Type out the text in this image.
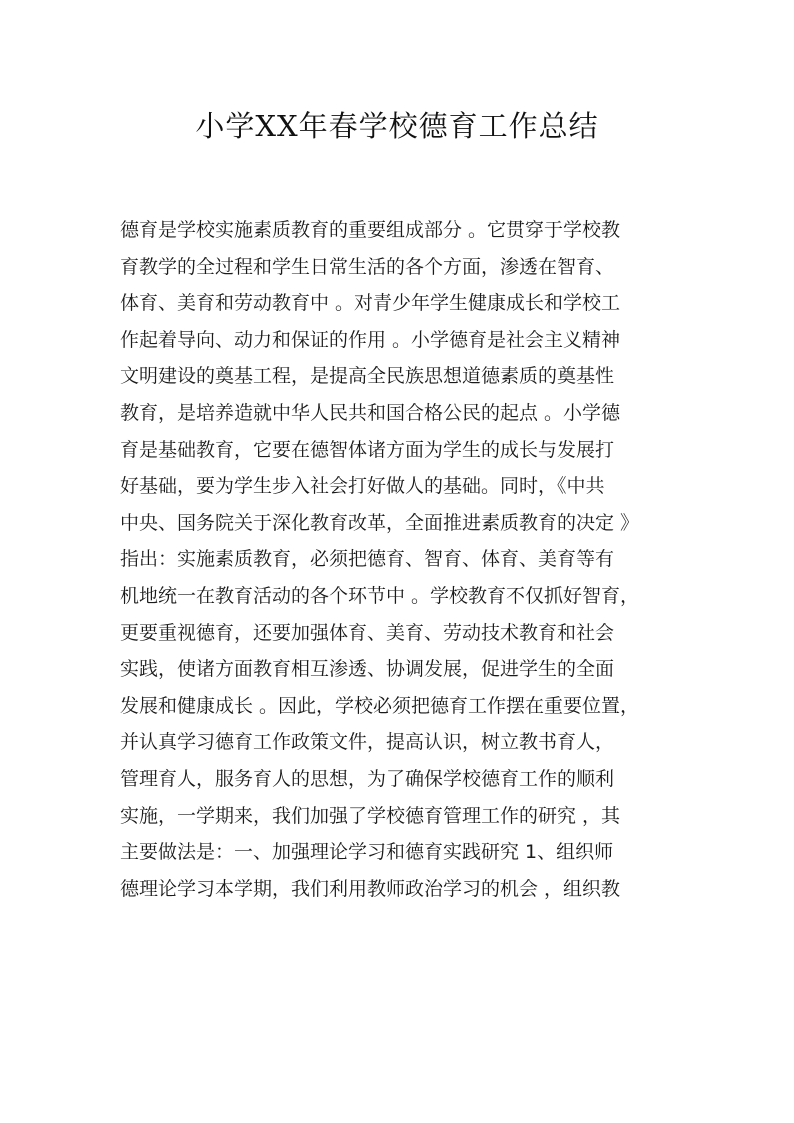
小学XX年春学校德育工作总结
德育是学校实施素质教育的重要组成部分 。它贯穿于学校教
育教学的全过程和学生日常生活的各个方面，渗透在智育、
体育、美育和劳动教育中 。对青少年学生健康成长和学校工
作起着导向、动力和保证的作用 。小学德育是社会主义精神
文明建设的奠基工程，是提高全民族思想道德素质的奠基性
教育，是培养造就中华人民共和国合格公民的起点 。小学德
育是基础教育，它要在德智体诸方面为学生的成长与发展打
好基础，要为学生步入社会打好做人的基础。同时，《中共
中央、国务院关于深化教育改革，全面推进素质教育的决定 》
指出：实施素质教育，必须把德育、智育、体育、美育等有
机地统一在教育活动的各个环节中 。学校教育不仅抓好智育，
更要重视德育，还要加强体育、美育、劳动技术教育和社会
实践，使诸方面教育相互渗透、协调发展，促进学生的全面
发展和健康成长 。因此，学校必须把德育工作摆在重要位置，
并认真学习德育工作政策文件，提高认识，树立教书育人，
管理育人，服务育人的思想，为了确保学校德育工作的顺利
实施，一学期来，我们加强了学校德育管理工作的研究 ，其
主要做法是：一、加强理论学习和德育实践研究 1、组织师
德理论学习本学期，我们利用教师政治学习的机会 ，组织教
